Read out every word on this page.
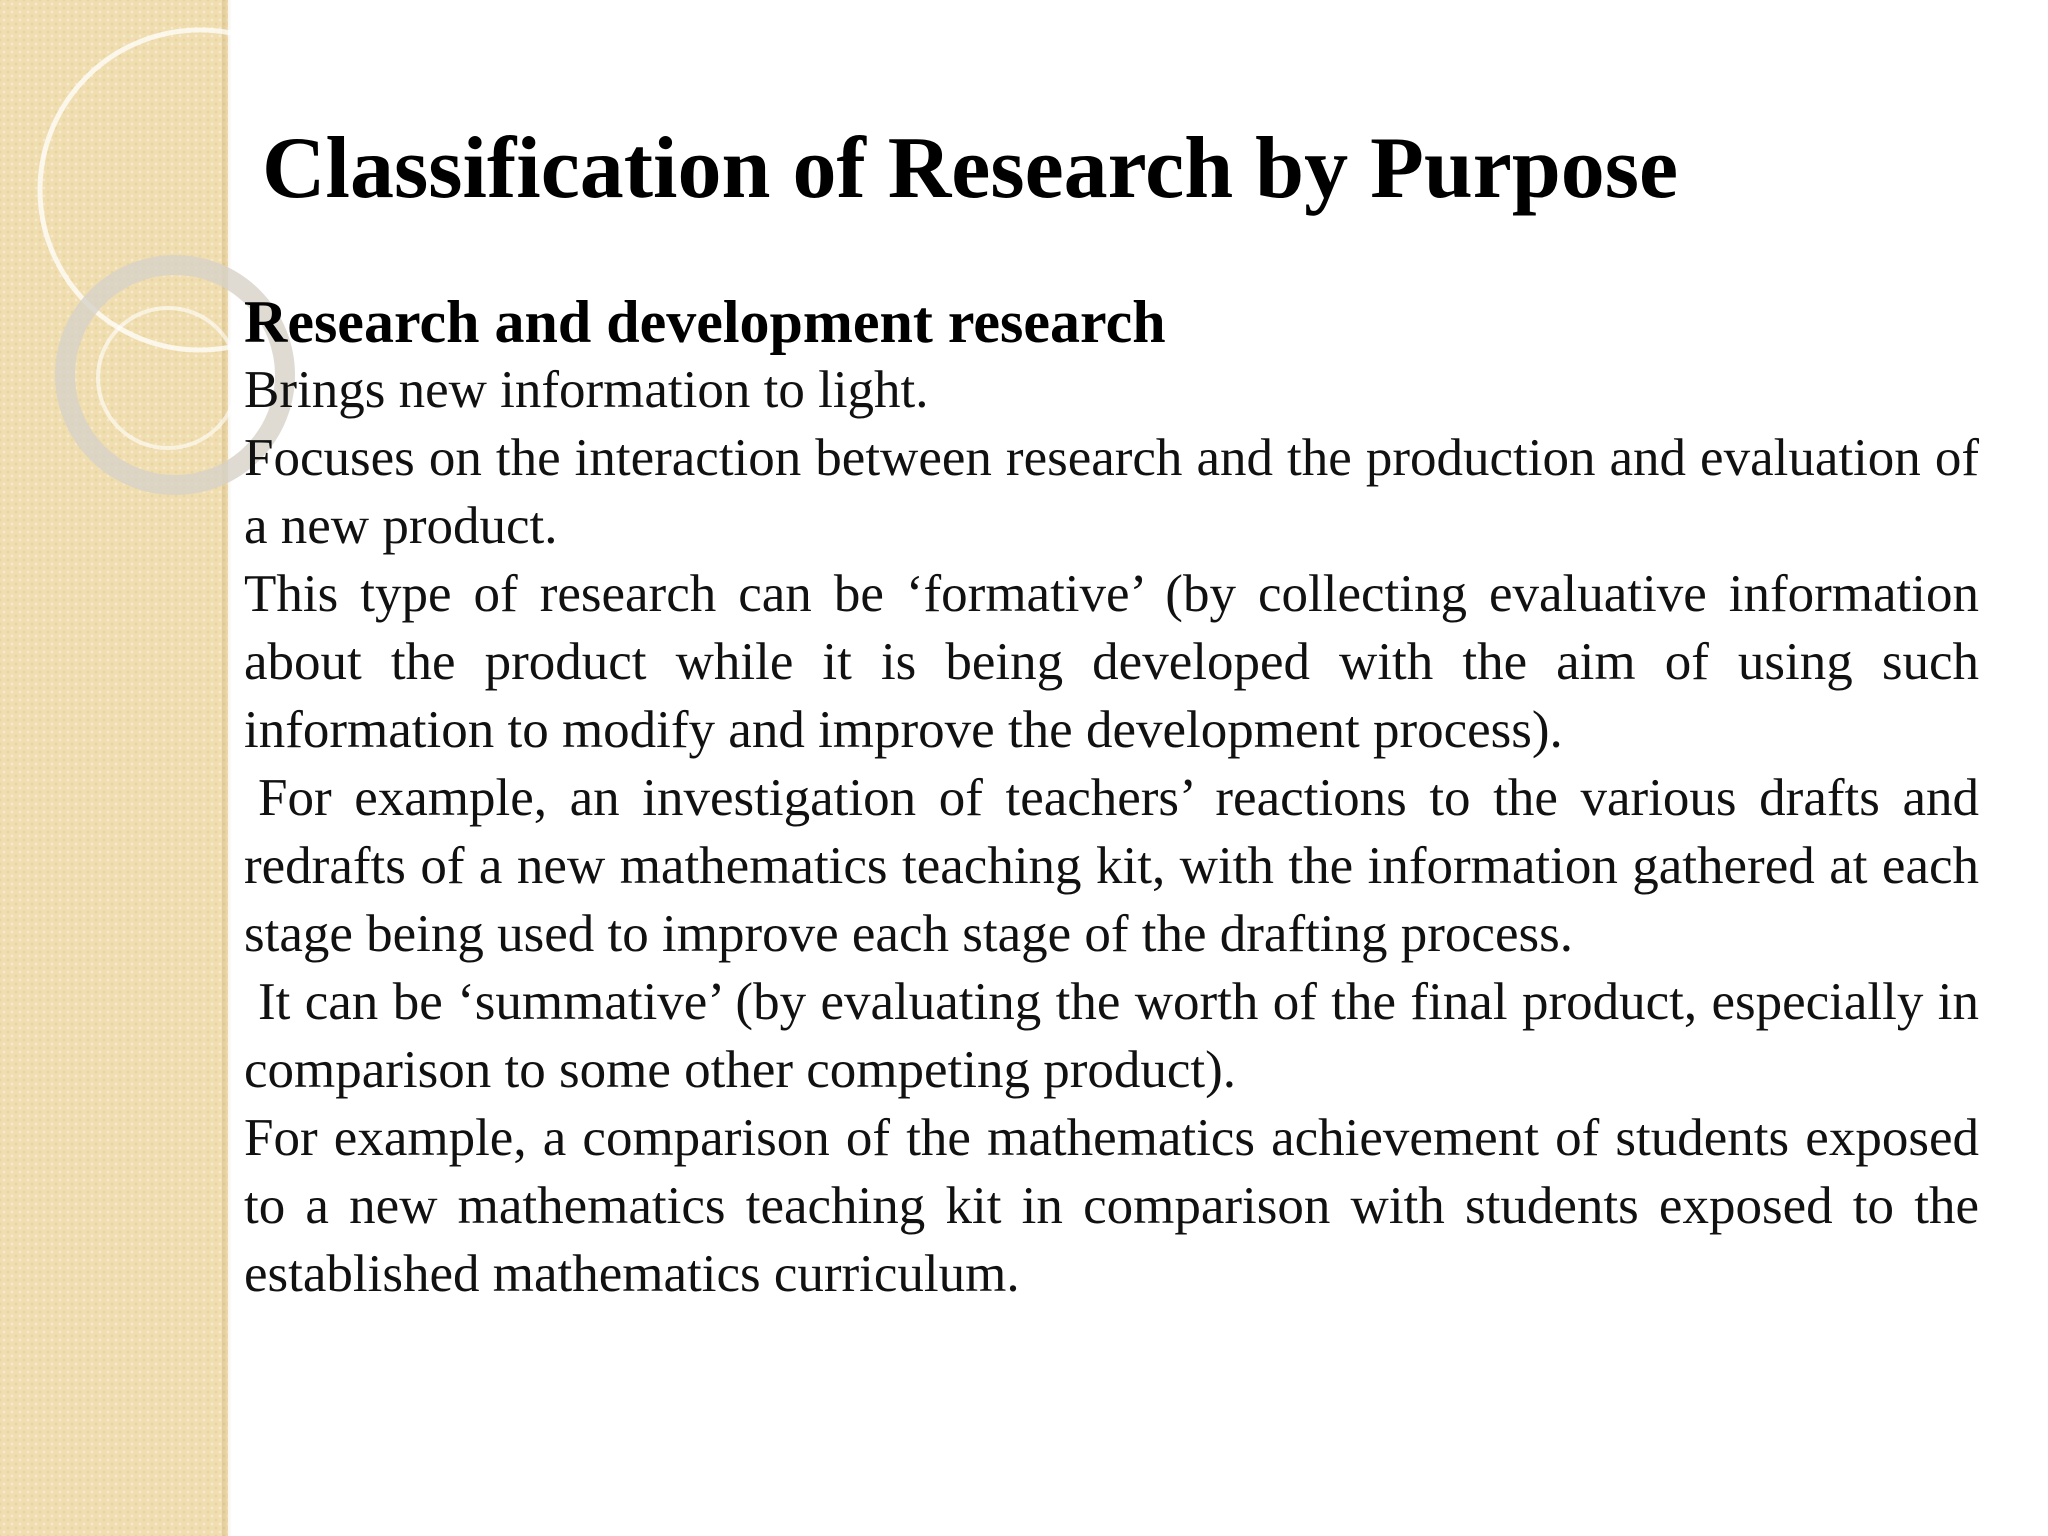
Classification of Research by Purpose

Research and development research

Brings new information to light.

Focuses on the interaction between research and the production and evaluation of a new product.

This type of research can be ‘formative’ (by collecting evaluative information about the product while it is being developed with the aim of using such information to modify and improve the development process).

For example, an investigation of teachers’ reactions to the various drafts and redrafts of a new mathematics teaching kit, with the information gathered at each stage being used to improve each stage of the drafting process.

It can be ‘summative’ (by evaluating the worth of the final product, especially in comparison to some other competing product).

For example, a comparison of the mathematics achievement of students exposed to a new mathematics teaching kit in comparison with students exposed to the established mathematics curriculum.
